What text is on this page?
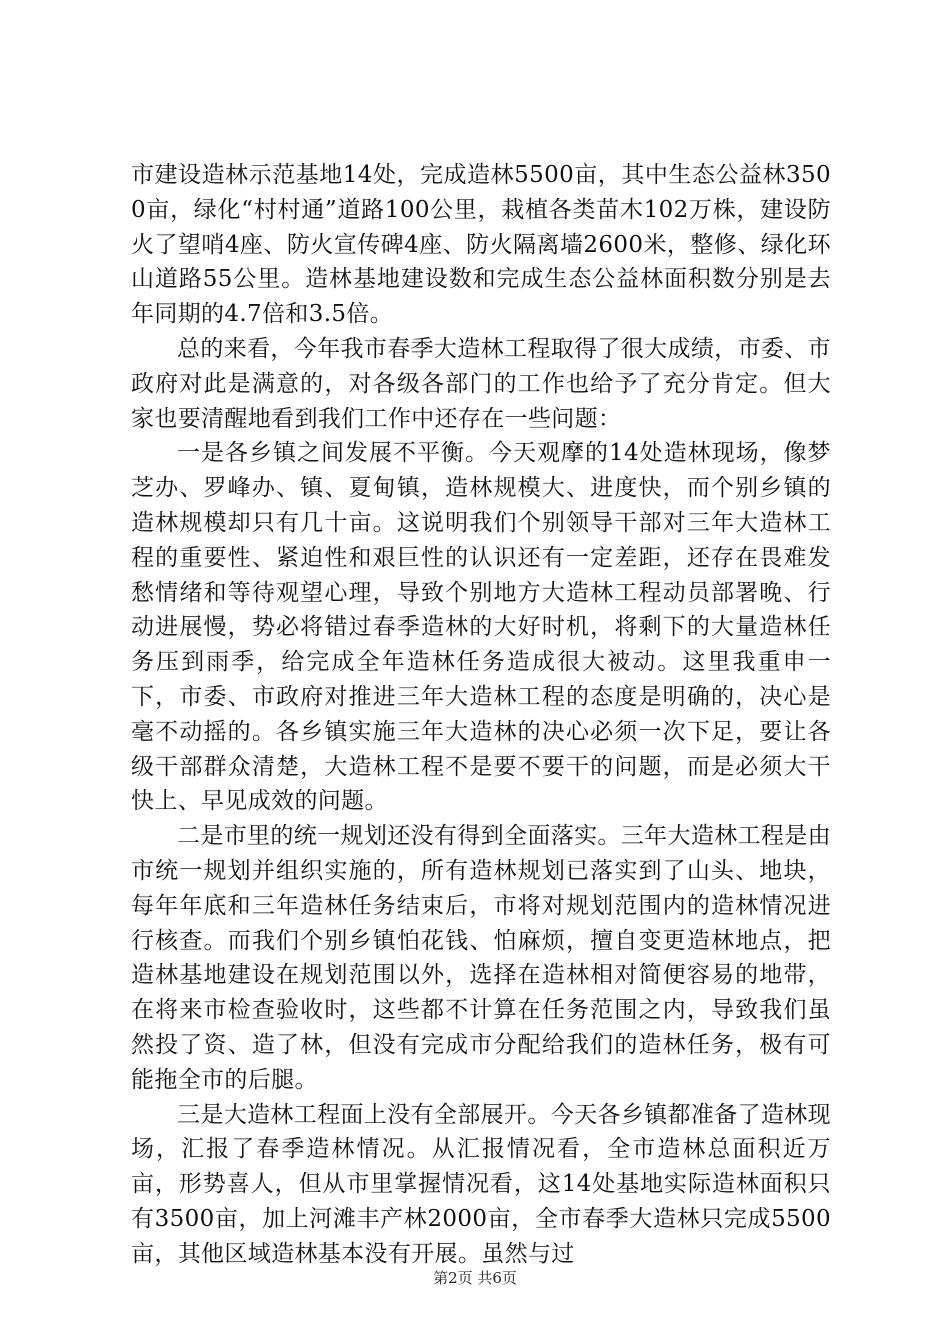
市建设造林示范基地14处，完成造林5500亩，其中生态公益林3500亩，绿化“村村通”道路100公里，栽植各类苗木102万株，建设防火了望哨4座、防火宣传碑4座、防火隔离墙2600米，整修、绿化环山道路55公里。造林基地建设数和完成生态公益林面积数分别是去年同期的4.7倍和3.5倍。

总的来看，今年我市春季大造林工程取得了很大成绩，市委、市政府对此是满意的，对各级各部门的工作也给予了充分肯定。但大家也要清醒地看到我们工作中还存在一些问题：

一是各乡镇之间发展不平衡。今天观摩的14处造林现场，像梦芝办、罗峰办、镇、夏甸镇，造林规模大、进度快，而个别乡镇的造林规模却只有几十亩。这说明我们个别领导干部对三年大造林工程的重要性、紧迫性和艰巨性的认识还有一定差距，还存在畏难发愁情绪和等待观望心理，导致个别地方大造林工程动员部署晚、行动进展慢，势必将错过春季造林的大好时机，将剩下的大量造林任务压到雨季，给完成全年造林任务造成很大被动。这里我重申一下，市委、市政府对推进三年大造林工程的态度是明确的，决心是毫不动摇的。各乡镇实施三年大造林的决心必须一次下足，要让各级干部群众清楚，大造林工程不是要不要干的问题，而是必须大干快上、早见成效的问题。

二是市里的统一规划还没有得到全面落实。三年大造林工程是由市统一规划并组织实施的，所有造林规划已落实到了山头、地块，每年年底和三年造林任务结束后，市将对规划范围内的造林情况进行核查。而我们个别乡镇怕花钱、怕麻烦，擅自变更造林地点，把造林基地建设在规划范围以外，选择在造林相对简便容易的地带，在将来市检查验收时，这些都不计算在任务范围之内，导致我们虽然投了资、造了林，但没有完成市分配给我们的造林任务，极有可能拖全市的后腿。

三是大造林工程面上没有全部展开。今天各乡镇都准备了造林现场，汇报了春季造林情况。从汇报情况看，全市造林总面积近万亩，形势喜人，但从市里掌握情况看，这14处基地实际造林面积只有3500亩，加上河滩丰产林2000亩，全市春季大造林只完成5500亩，其他区域造林基本没有开展。虽然与过

第2页 共6页
